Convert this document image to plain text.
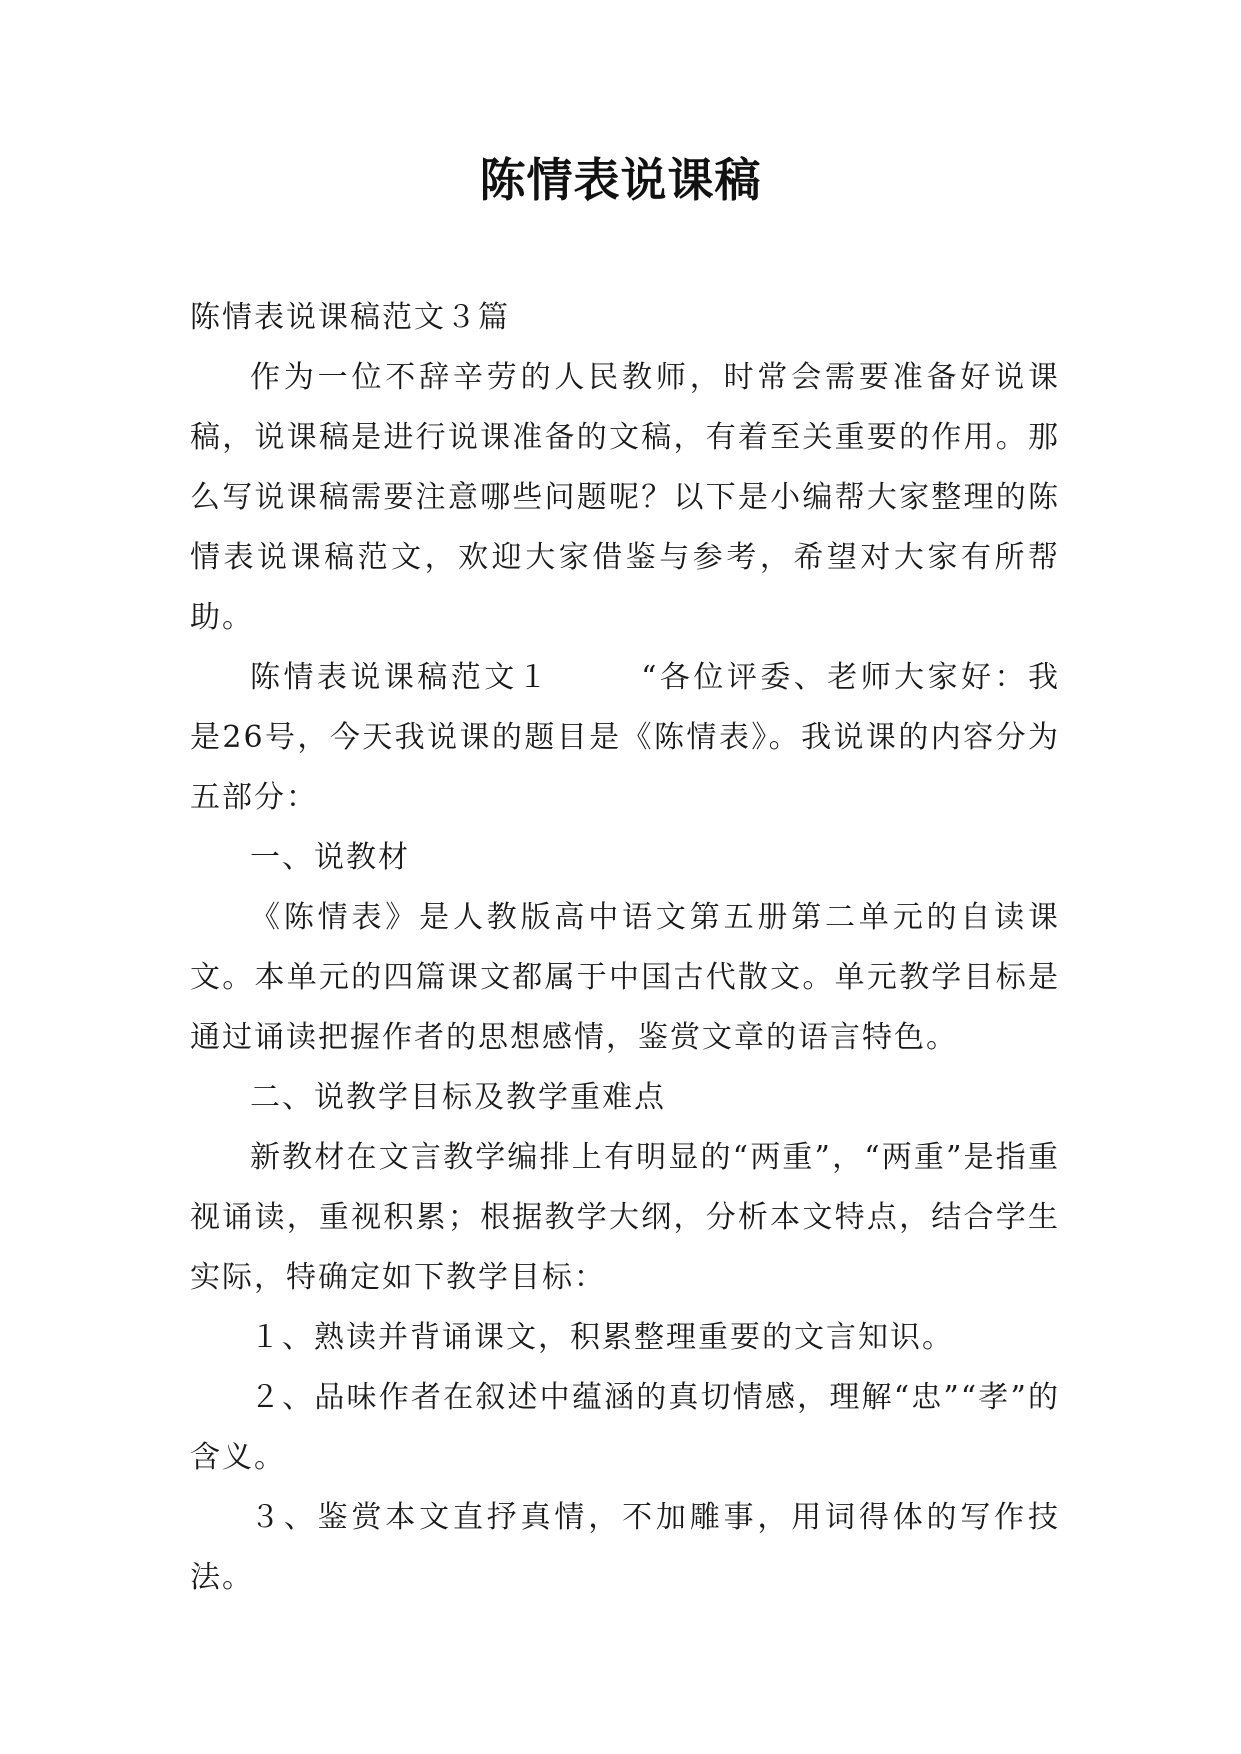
陈情表说课稿

陈情表说课稿范文３篇

作为一位不辞辛劳的人民教师，时常会需要准备好说课稿，说课稿是进行说课准备的文稿，有着至关重要的作用。那么写说课稿需要注意哪些问题呢？以下是小编帮大家整理的陈情表说课稿范文，欢迎大家借鉴与参考，希望对大家有所帮助。

陈情表说课稿范文１	“各位评委、老师大家好：我是26号，今天我说课的题目是《陈情表》。我说课的内容分为五部分：

一、说教材

《陈情表》是人教版高中语文第五册第二单元的自读课文。本单元的四篇课文都属于中国古代散文。单元教学目标是通过诵读把握作者的思想感情，鉴赏文章的语言特色。

二、说教学目标及教学重难点

新教材在文言教学编排上有明显的“两重”，“两重”是指重视诵读，重视积累；根据教学大纲，分析本文特点，结合学生实际，特确定如下教学目标：

１、熟读并背诵课文，积累整理重要的文言知识。

２、品味作者在叙述中蕴涵的真切情感，理解“忠”“孝”的含义。

３、鉴赏本文直抒真情，不加雕事，用词得体的写作技法。
